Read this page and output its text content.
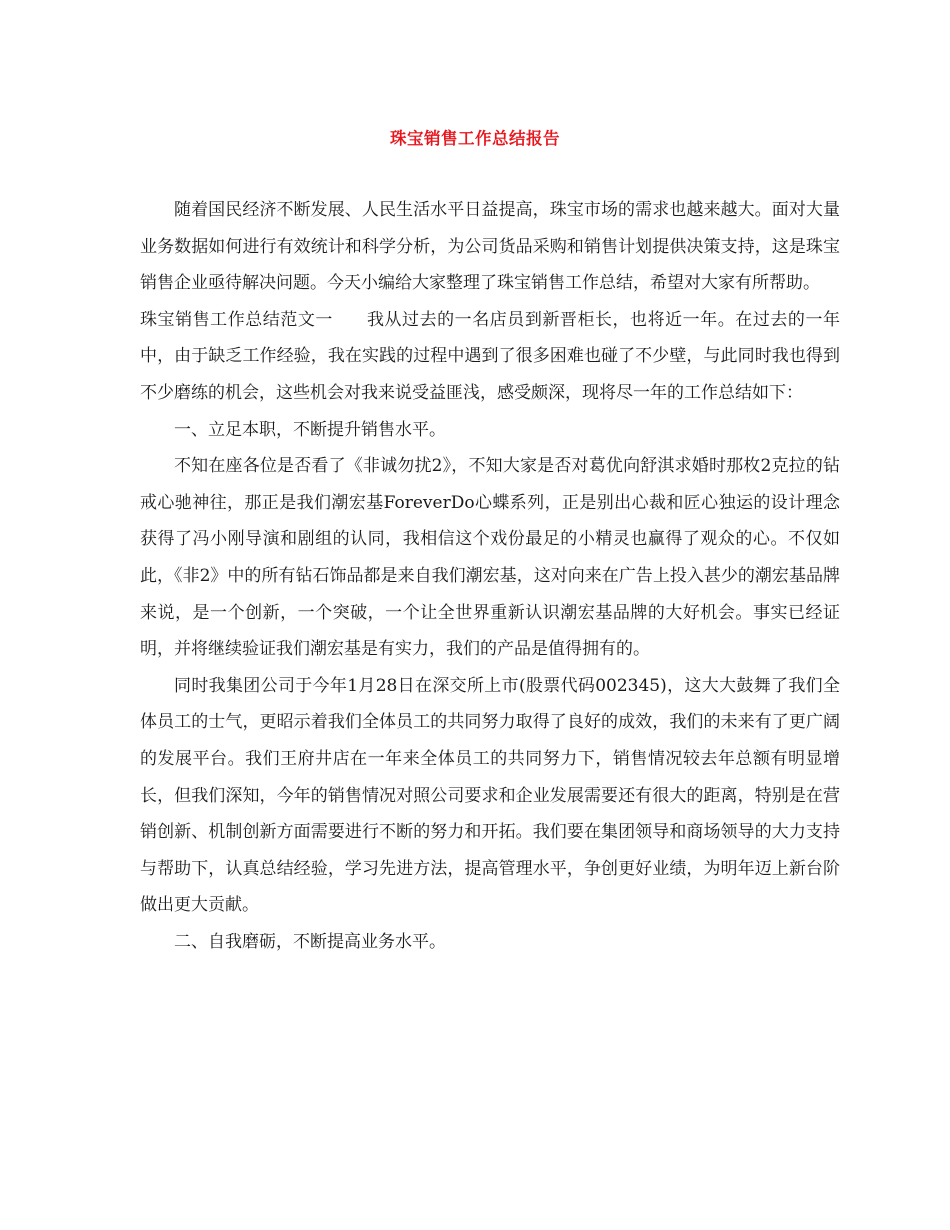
珠宝销售工作总结报告

随着国民经济不断发展、人民生活水平日益提高，珠宝市场的需求也越来越大。面对大量业务数据如何进行有效统计和科学分析，为公司货品采购和销售计划提供决策支持，这是珠宝销售企业亟待解决问题。今天小编给大家整理了珠宝销售工作总结，希望对大家有所帮助。

珠宝销售工作总结范文一 我从过去的一名店员到新晋柜长，也将近一年。在过去的一年中，由于缺乏工作经验，我在实践的过程中遇到了很多困难也碰了不少壁，与此同时我也得到不少磨练的机会，这些机会对我来说受益匪浅，感受颇深，现将尽一年的工作总结如下：

一、立足本职，不断提升销售水平。

不知在座各位是否看了《非诚勿扰2》，不知大家是否对葛优向舒淇求婚时那枚2克拉的钻戒心驰神往，那正是我们潮宏基ForeverDo心蝶系列，正是别出心裁和匠心独运的设计理念获得了冯小刚导演和剧组的认同，我相信这个戏份最足的小精灵也赢得了观众的心。不仅如此，《非2》中的所有钻石饰品都是来自我们潮宏基，这对向来在广告上投入甚少的潮宏基品牌来说，是一个创新，一个突破，一个让全世界重新认识潮宏基品牌的大好机会。事实已经证明，并将继续验证我们潮宏基是有实力，我们的产品是值得拥有的。

同时我集团公司于今年1月28日在深交所上市(股票代码002345)，这大大鼓舞了我们全体员工的士气，更昭示着我们全体员工的共同努力取得了良好的成效，我们的未来有了更广阔的发展平台。我们王府井店在一年来全体员工的共同努力下，销售情况较去年总额有明显增长，但我们深知，今年的销售情况对照公司要求和企业发展需要还有很大的距离，特别是在营销创新、机制创新方面需要进行不断的努力和开拓。我们要在集团领导和商场领导的大力支持与帮助下，认真总结经验，学习先进方法，提高管理水平，争创更好业绩，为明年迈上新台阶做出更大贡献。

二、自我磨砺，不断提高业务水平。
